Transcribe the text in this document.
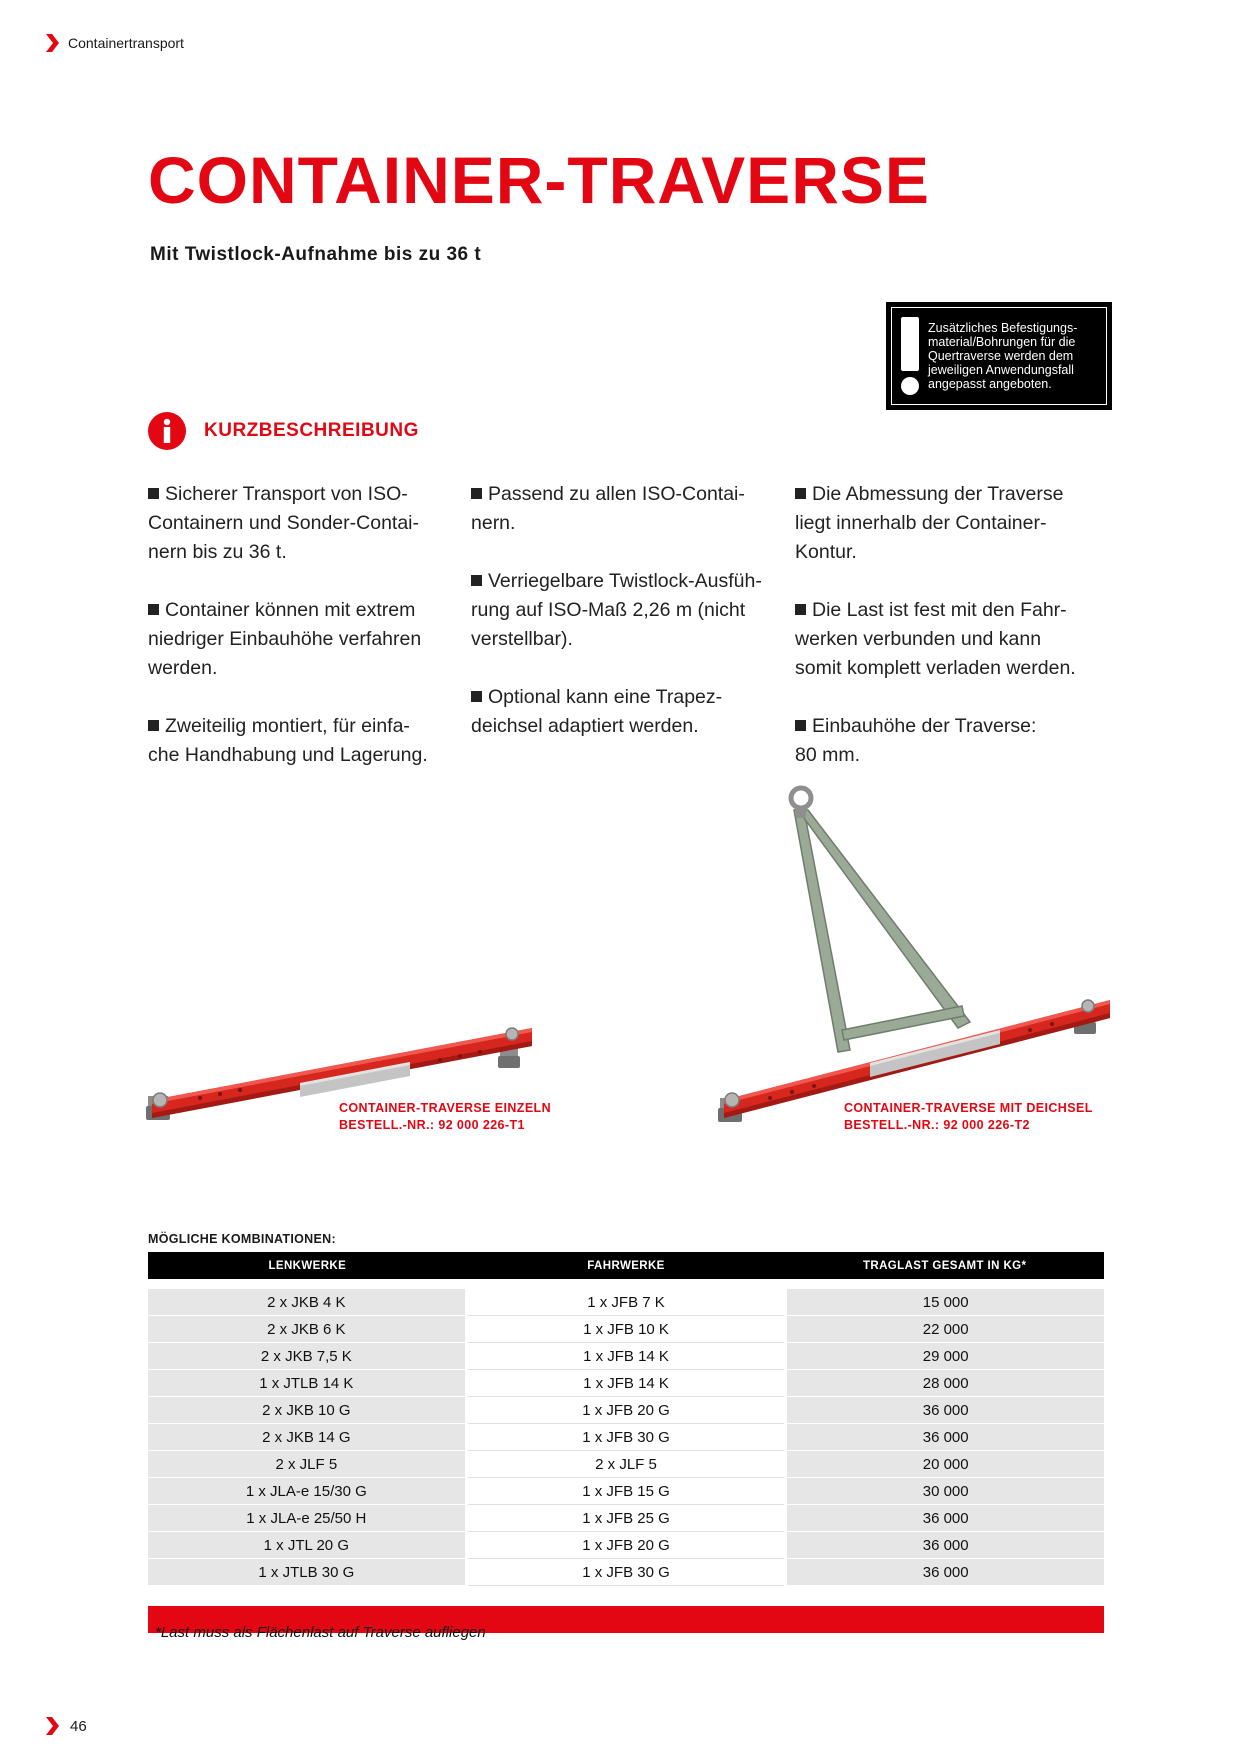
Containertransport
CONTAINER-TRAVERSE
Mit Twistlock-Aufnahme bis zu 36 t
Zusätzliches Befestigungs-
material/Bohrungen für die
Quertraverse werden dem
jeweiligen Anwendungsfall
angepasst angeboten.
KURZBESCHREIBUNG

Sicherer Transport von ISO-
Containern und Sonder-Contai-
nern bis zu 36 t.

Container können mit extrem
niedriger Einbauhöhe verfahren
werden.

Zweiteilig montiert, für einfa-
che Handhabung und Lagerung.

Passend zu allen ISO-Contai-
nern.

Verriegelbare Twistlock-Ausfüh-
rung auf ISO-Maß 2,26 m (nicht
verstellbar).

Optional kann eine Trapez-
deichsel adaptiert werden.

Die Abmessung der Traverse
liegt innerhalb der Container-
Kontur.

Die Last ist fest mit den Fahr-
werken verbunden und kann
somit komplett verladen werden.

Einbauhöhe der Traverse:
80 mm.

CONTAINER-TRAVERSE EINZELN
BESTELL.-NR.: 92 000 226-T1
CONTAINER-TRAVERSE MIT DEICHSEL
BESTELL.-NR.: 92 000 226-T2
MÖGLICHE KOMBINATIONEN:
LENKWERKE	FAHRWERKE	TRAGLAST GESAMT IN KG*
2 x JKB 4 K	1 x JFB 7 K	15 000
2 x JKB 6 K	1 x JFB 10 K	22 000
2 x JKB 7,5 K	1 x JFB 14 K	29 000
1 x JTLB 14 K	1 x JFB 14 K	28 000
2 x JKB 10 G	1 x JFB 20 G	36 000
2 x JKB 14 G	1 x JFB 30 G	36 000
2 x JLF 5	2 x JLF 5	20 000
1 x JLA-e 15/30 G	1 x JFB 15 G	30 000
1 x JLA-e 25/50 H	1 x JFB 25 G	36 000
1 x JTL 20 G	1 x JFB 20 G	36 000
1 x JTLB 30 G	1 x JFB 30 G	36 000
*Last muss als Flächenlast auf Traverse aufliegen
46
